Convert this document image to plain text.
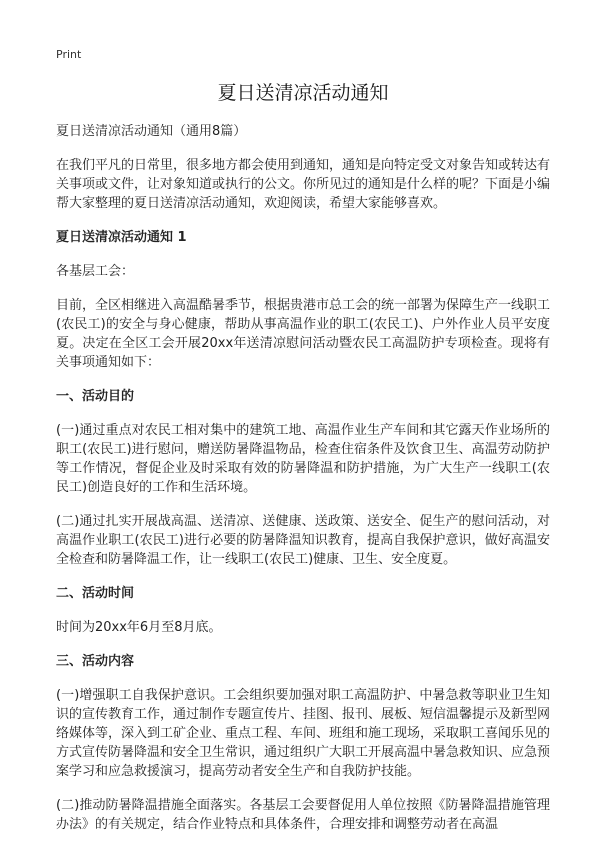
Print
夏日送清凉活动通知

夏日送清凉活动通知（通用8篇）

在我们平凡的日常里，很多地方都会使用到通知，通知是向特定受文对象告知或转达有关事项或文件，让对象知道或执行的公文。你所见过的通知是什么样的呢？下面是小编帮大家整理的夏日送清凉活动通知，欢迎阅读，希望大家能够喜欢。

夏日送清凉活动通知 1

各基层工会：

目前，全区相继进入高温酷暑季节，根据贵港市总工会的统一部署为保障生产一线职工(农民工)的安全与身心健康，帮助从事高温作业的职工(农民工)、户外作业人员平安度夏。决定在全区工会开展20xx年送清凉慰问活动暨农民工高温防护专项检查。现将有关事项通知如下：

一、活动目的

(一)通过重点对农民工相对集中的建筑工地、高温作业生产车间和其它露天作业场所的职工(农民工)进行慰问，赠送防暑降温物品，检查住宿条件及饮食卫生、高温劳动防护等工作情况，督促企业及时采取有效的防暑降温和防护措施，为广大生产一线职工(农民工)创造良好的工作和生活环境。

(二)通过扎实开展战高温、送清凉、送健康、送政策、送安全、促生产的慰问活动，对高温作业职工(农民工)进行必要的防暑降温知识教育，提高自我保护意识，做好高温安全检查和防暑降温工作，让一线职工(农民工)健康、卫生、安全度夏。

二、活动时间

时间为20xx年6月至8月底。

三、活动内容

(一)增强职工自我保护意识。工会组织要加强对职工高温防护、中暑急救等职业卫生知识的宣传教育工作，通过制作专题宣传片、挂图、报刊、展板、短信温馨提示及新型网络媒体等，深入到工矿企业、重点工程、车间、班组和施工现场，采取职工喜闻乐见的方式宣传防暑降温和安全卫生常识，通过组织广大职工开展高温中暑急救知识、应急预案学习和应急救援演习，提高劳动者安全生产和自我防护技能。

(二)推动防暑降温措施全面落实。各基层工会要督促用人单位按照《防暑降温措施管理办法》的有关规定，结合作业特点和具体条件，合理安排和调整劳动者在高温
